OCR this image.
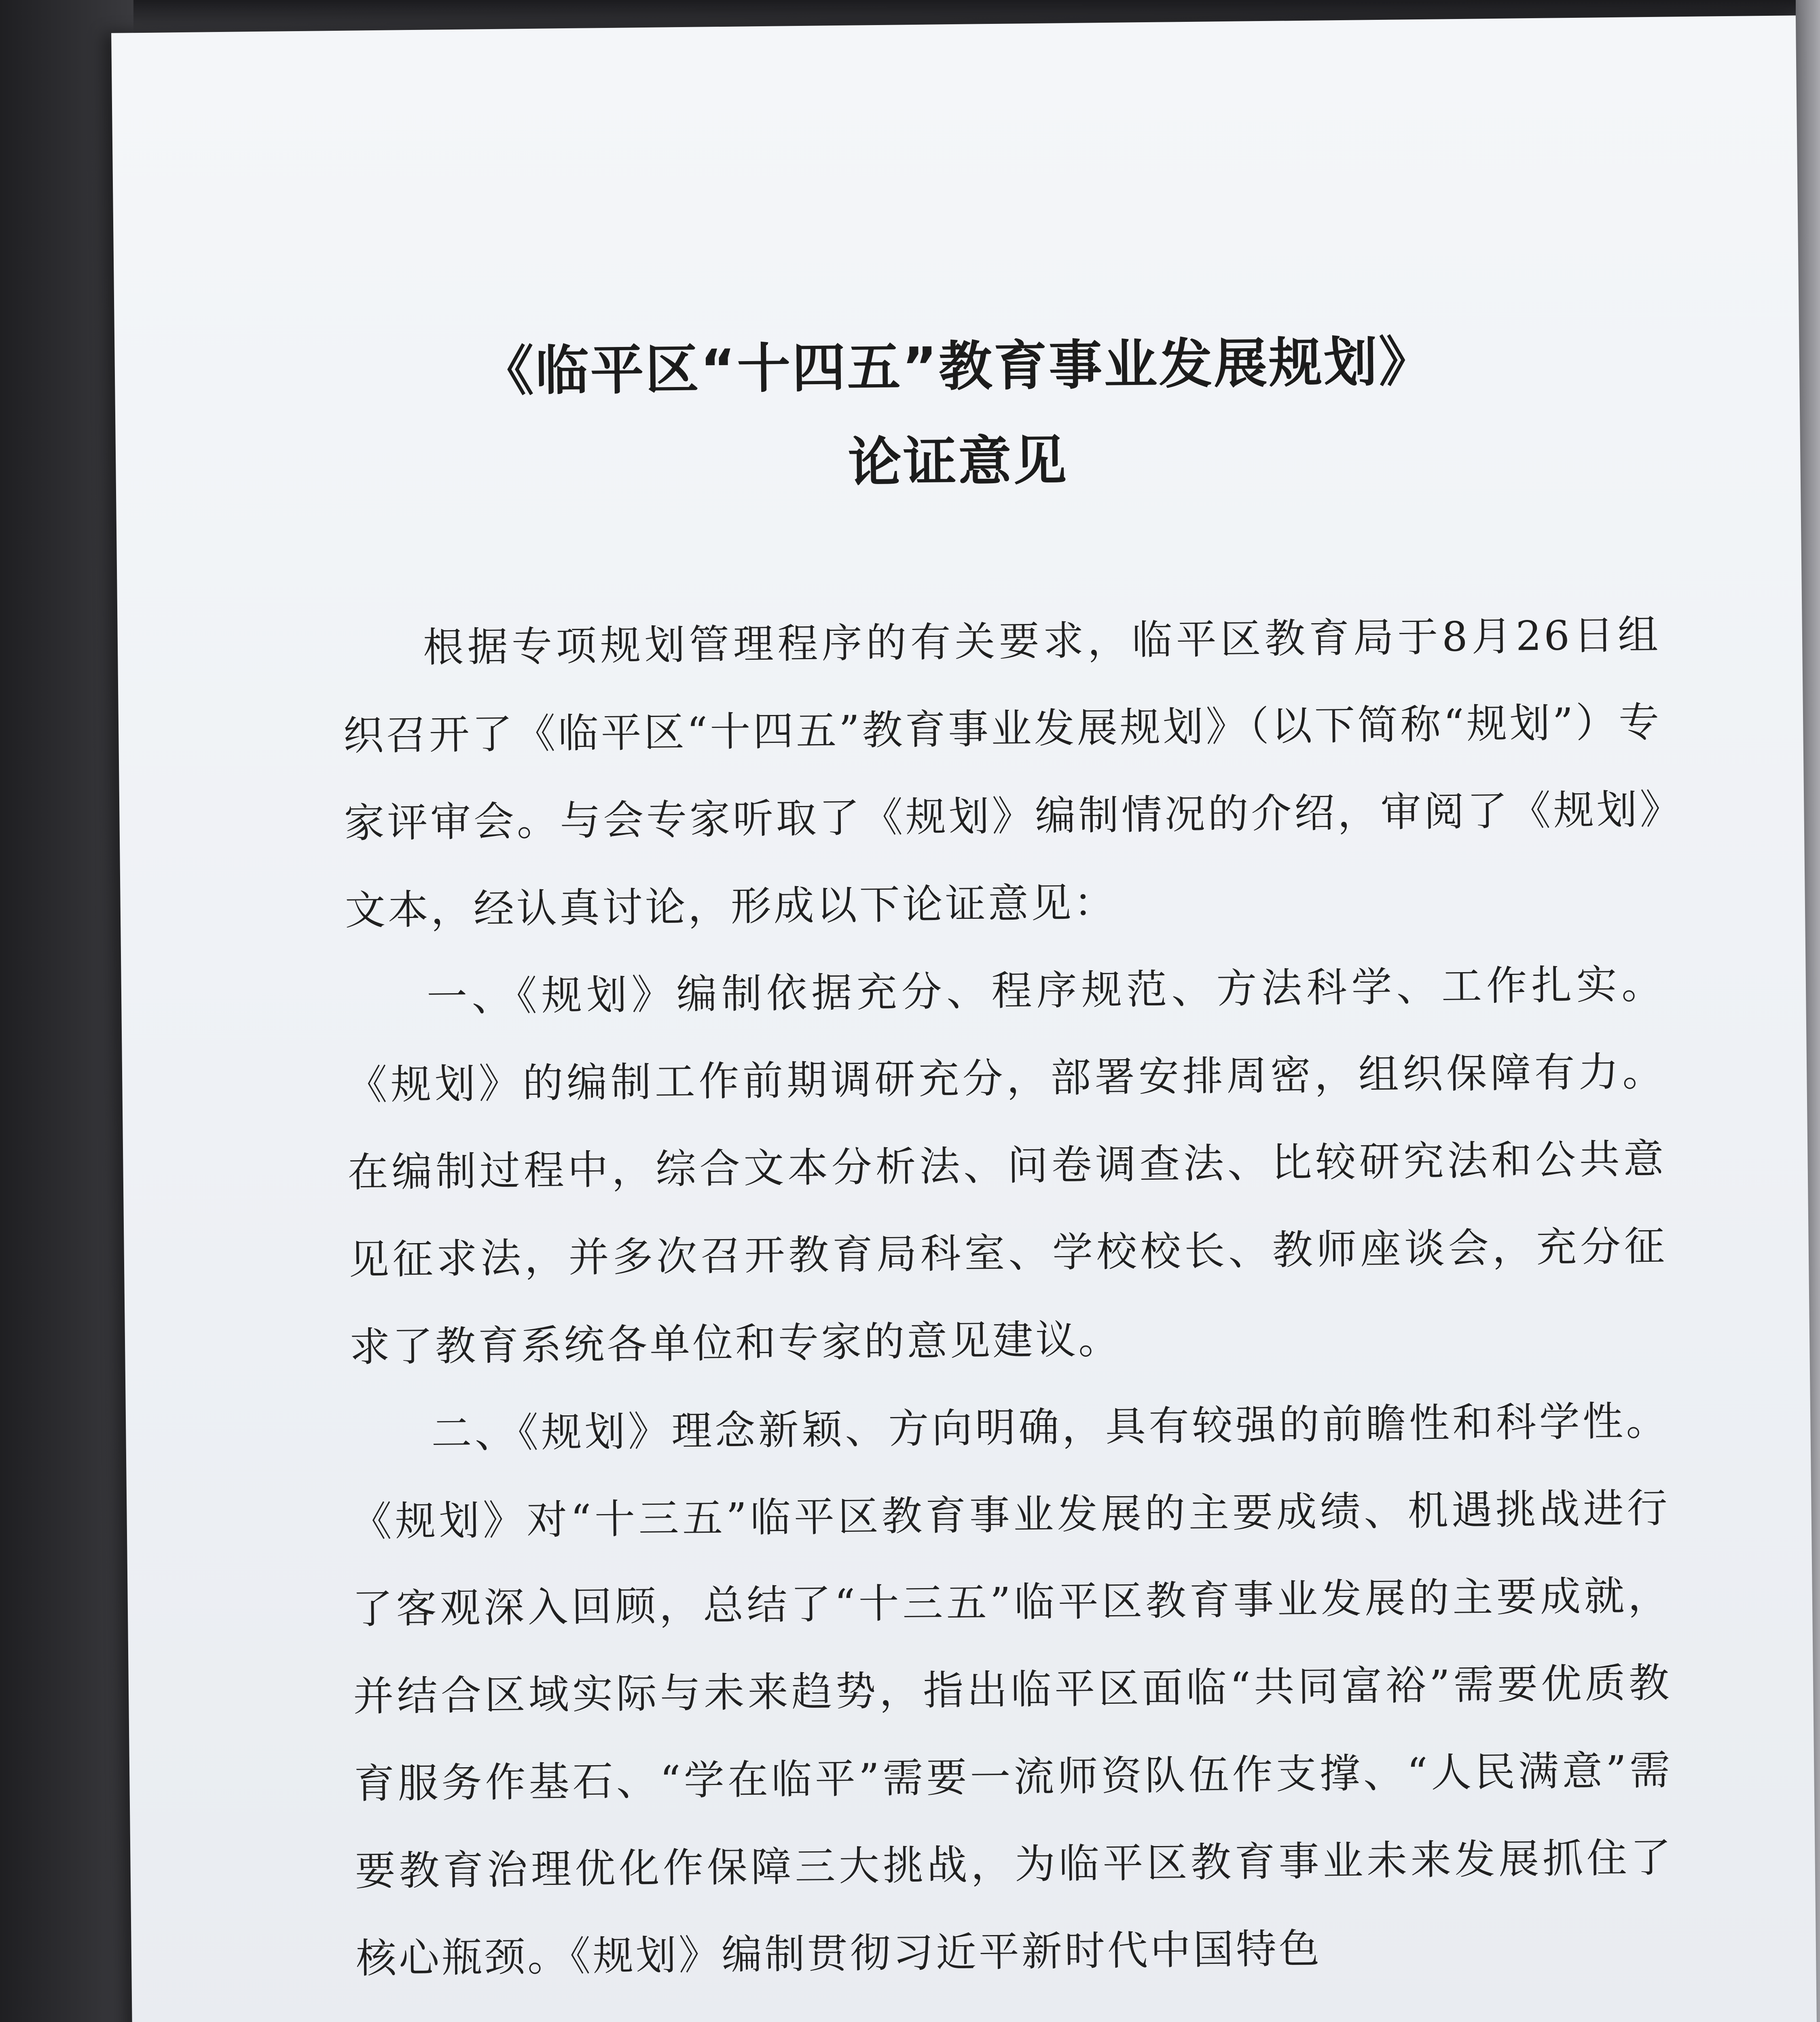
《临平区“十四五”教育事业发展规划》
论证意见

根据专项规划管理程序的有关要求，临平区教育局于8月26日组织召开了《临平区“十四五”教育事业发展规划》（以下简称“规划”）专家评审会。与会专家听取了《规划》编制情况的介绍，审阅了《规划》文本，经认真讨论，形成以下论证意见：

一、《规划》编制依据充分、程序规范、方法科学、工作扎实。《规划》的编制工作前期调研充分，部署安排周密，组织保障有力。在编制过程中，综合文本分析法、问卷调查法、比较研究法和公共意见征求法，并多次召开教育局科室、学校校长、教师座谈会，充分征求了教育系统各单位和专家的意见建议。

二、《规划》理念新颖、方向明确，具有较强的前瞻性和科学性。《规划》对“十三五”临平区教育事业发展的主要成绩、机遇挑战进行了客观深入回顾，总结了“十三五”临平区教育事业发展的主要成就，并结合区域实际与未来趋势，指出临平区面临“共同富裕”需要优质教育服务作基石、“学在临平”需要一流师资队伍作支撑、“人民满意”需要教育治理优化作保障三大挑战，为临平区教育事业未来发展抓住了核心瓶颈。《规划》编制贯彻习近平新时代中国特色
